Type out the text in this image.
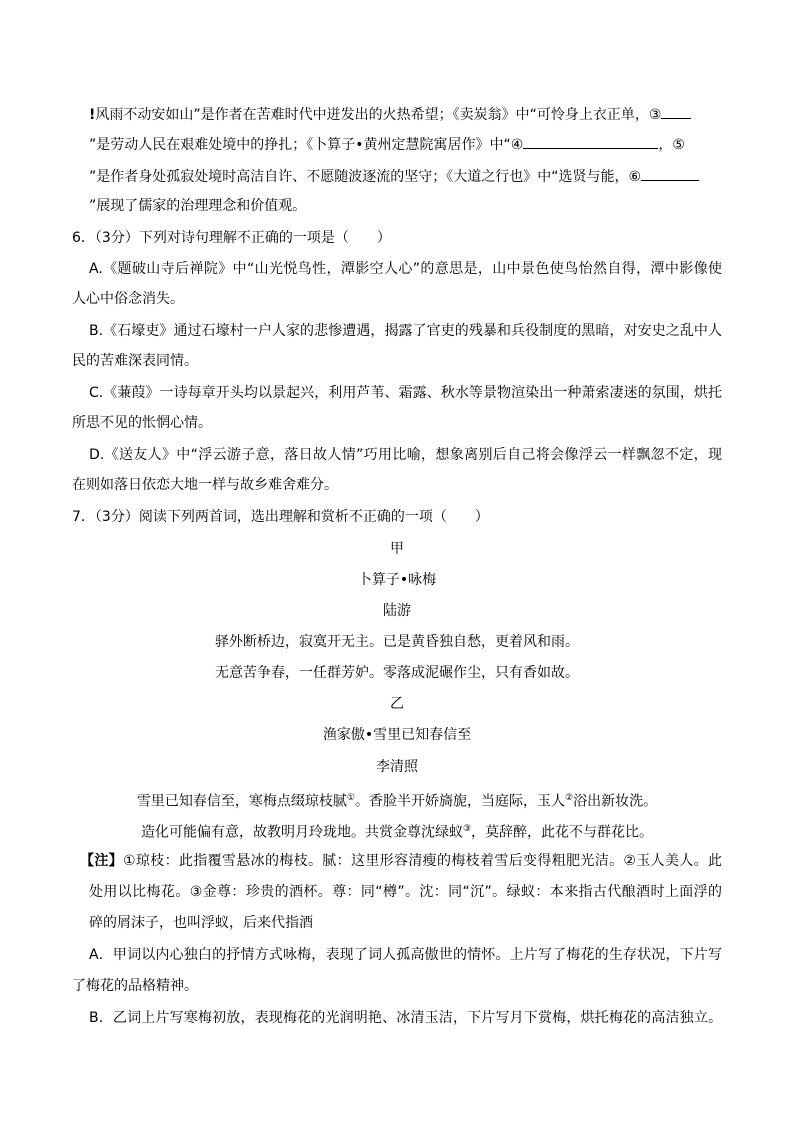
!风雨不动安如山”是作者在苦难时代中迸发出的火热希望；《卖炭翁》中“可怜身上衣正单，③
”是劳动人民在艰难处境中的挣扎；《卜算子•黄州定慧院寓居作》中“④	，⑤
”是作者身处孤寂处境时高洁自许、不愿随波逐流的坚守；《大道之行也》中“选贤与能，⑥
”展现了儒家的治理理念和价值观。
6．（3分）下列对诗句理解不正确的一项是（　　）
A.《题破山寺后禅院》中“山光悦鸟性，潭影空人心”的意思是，山中景色使鸟怡然自得，潭中影像使
人心中俗念消失。
B.《石壕吏》通过石壕村一户人家的悲惨遭遇，揭露了官吏的残暴和兵役制度的黑暗，对安史之乱中人
民的苦难深表同情。
C.《蒹葭》一诗每章开头均以景起兴，利用芦苇、霜露、秋水等景物渲染出一种萧索凄迷的氛围，烘托
所思不见的怅惘心情。
D.《送友人》中“浮云游子意，落日故人情”巧用比喻，想象离别后自己将会像浮云一样飘忽不定，现
在则如落日依恋大地一样与故乡难舍难分。
7．（3分）阅读下列两首词，选出理解和赏析不正确的一项（　　）
甲
卜算子•咏梅
陆游
驿外断桥边，寂寞开无主。已是黄昏独自愁，更着风和雨。
无意苦争春，一任群芳妒。零落成泥碾作尘，只有香如故。
乙
渔家傲•雪里已知春信至
李清照
雪里已知春信至，寒梅点缀琼枝腻①。香脸半开娇旖旎，当庭际，玉人②浴出新妆洗。
造化可能偏有意，故教明月玲珑地。共赏金尊沈绿蚁③，莫辞醉，此花不与群花比。
【注】①琼枝：此指覆雪悬冰的梅枝。腻：这里形容清瘦的梅枝着雪后变得粗肥光洁。②玉人美人。此
处用以比梅花。③金尊：珍贵的酒杯。尊：同“樽”。沈：同“沉”。绿蚁：本来指古代酿酒时上面浮的
碎的屑沫子，也叫浮蚁，后来代指酒
A．甲词以内心独白的抒情方式咏梅，表现了词人孤高傲世的情怀。上片写了梅花的生存状况，下片写
了梅花的品格精神。
B．乙词上片写寒梅初放，表现梅花的光润明艳、冰清玉洁，下片写月下赏梅，烘托梅花的高洁独立。
